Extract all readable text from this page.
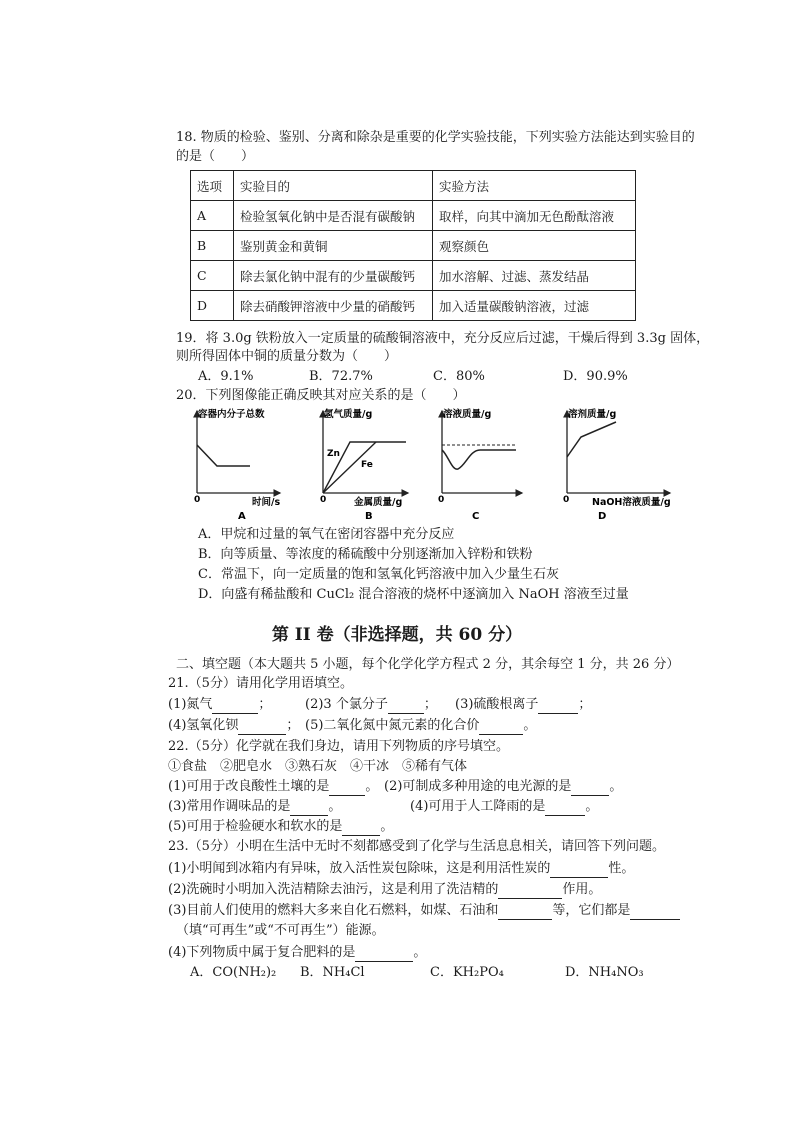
18. 物质的检验、鉴别、分离和除杂是重要的化学实验技能，下列实验方法能达到实验目的
的是（　　）
选项	实验目的	实验方法
A	检验氢氧化钠中是否混有碳酸钠	取样，向其中滴加无色酚酞溶液
B	鉴别黄金和黄铜	观察颜色
C	除去氯化钠中混有的少量碳酸钙	加水溶解、过滤、蒸发结晶
D	除去硝酸钾溶液中少量的硝酸钙	加入适量碳酸钠溶液，过滤
19．将 3.0g 铁粉放入一定质量的硫酸铜溶液中，充分反应后过滤，干燥后得到 3.3g 固体，
则所得固体中铜的质量分数为（　　）
A．9.1%	B．72.7%	C．80%	D．90.9%
20．下列图像能正确反映其对应关系的是（　　）
容器内分子总数
时间/s
0
A
氢气质量/g
金属质量/g
0
Zn
Fe
B
溶液质量/g
0
C
溶剂质量/g
NaOH溶液质量/g
0
D
A．甲烷和过量的氧气在密闭容器中充分反应
B．向等质量、等浓度的稀硫酸中分别逐渐加入锌粉和铁粉
C．常温下，向一定质量的饱和氢氧化钙溶液中加入少量生石灰
D．向盛有稀盐酸和 CuCl₂ 混合溶液的烧杯中逐滴加入 NaOH 溶液至过量
第 II 卷（非选择题，共 60 分）
二、填空题（本大题共 5 小题，每个化学化学方程式 2 分，其余每空 1 分，共 26 分）
21.（5分）请用化学用语填空。
(1)氮气	；	(2)3 个氯分子	； (3)硫酸根离子	；
(4)氢氧化钡	； (5)二氧化氮中氮元素的化合价	。
22.（5分）化学就在我们身边，请用下列物质的序号填空。
①食盐　②肥皂水　③熟石灰　④干冰　⑤稀有气体
(1)可用于改良酸性土壤的是	。 (2)可制成多种用途的电光源的是	。
(3)常用作调味品的是	。	(4)可用于人工降雨的是	。
(5)可用于检验硬水和软水的是	。
23.（5分）小明在生活中无时不刻都感受到了化学与生活息息相关，请回答下列问题。
(1)小明闻到冰箱内有异味，放入活性炭包除味，这是利用活性炭的	性。
(2)洗碗时小明加入洗洁精除去油污，这是利用了洗洁精的	作用。
(3)目前人们使用的燃料大多来自化石燃料，如煤、石油和	等，它们都是
（填“可再生”或“不可再生”）能源。
(4)下列物质中属于复合肥料的是	。
A．CO(NH₂)₂ B．NH₄Cl	C．KH₂PO₄	D．NH₄NO₃
